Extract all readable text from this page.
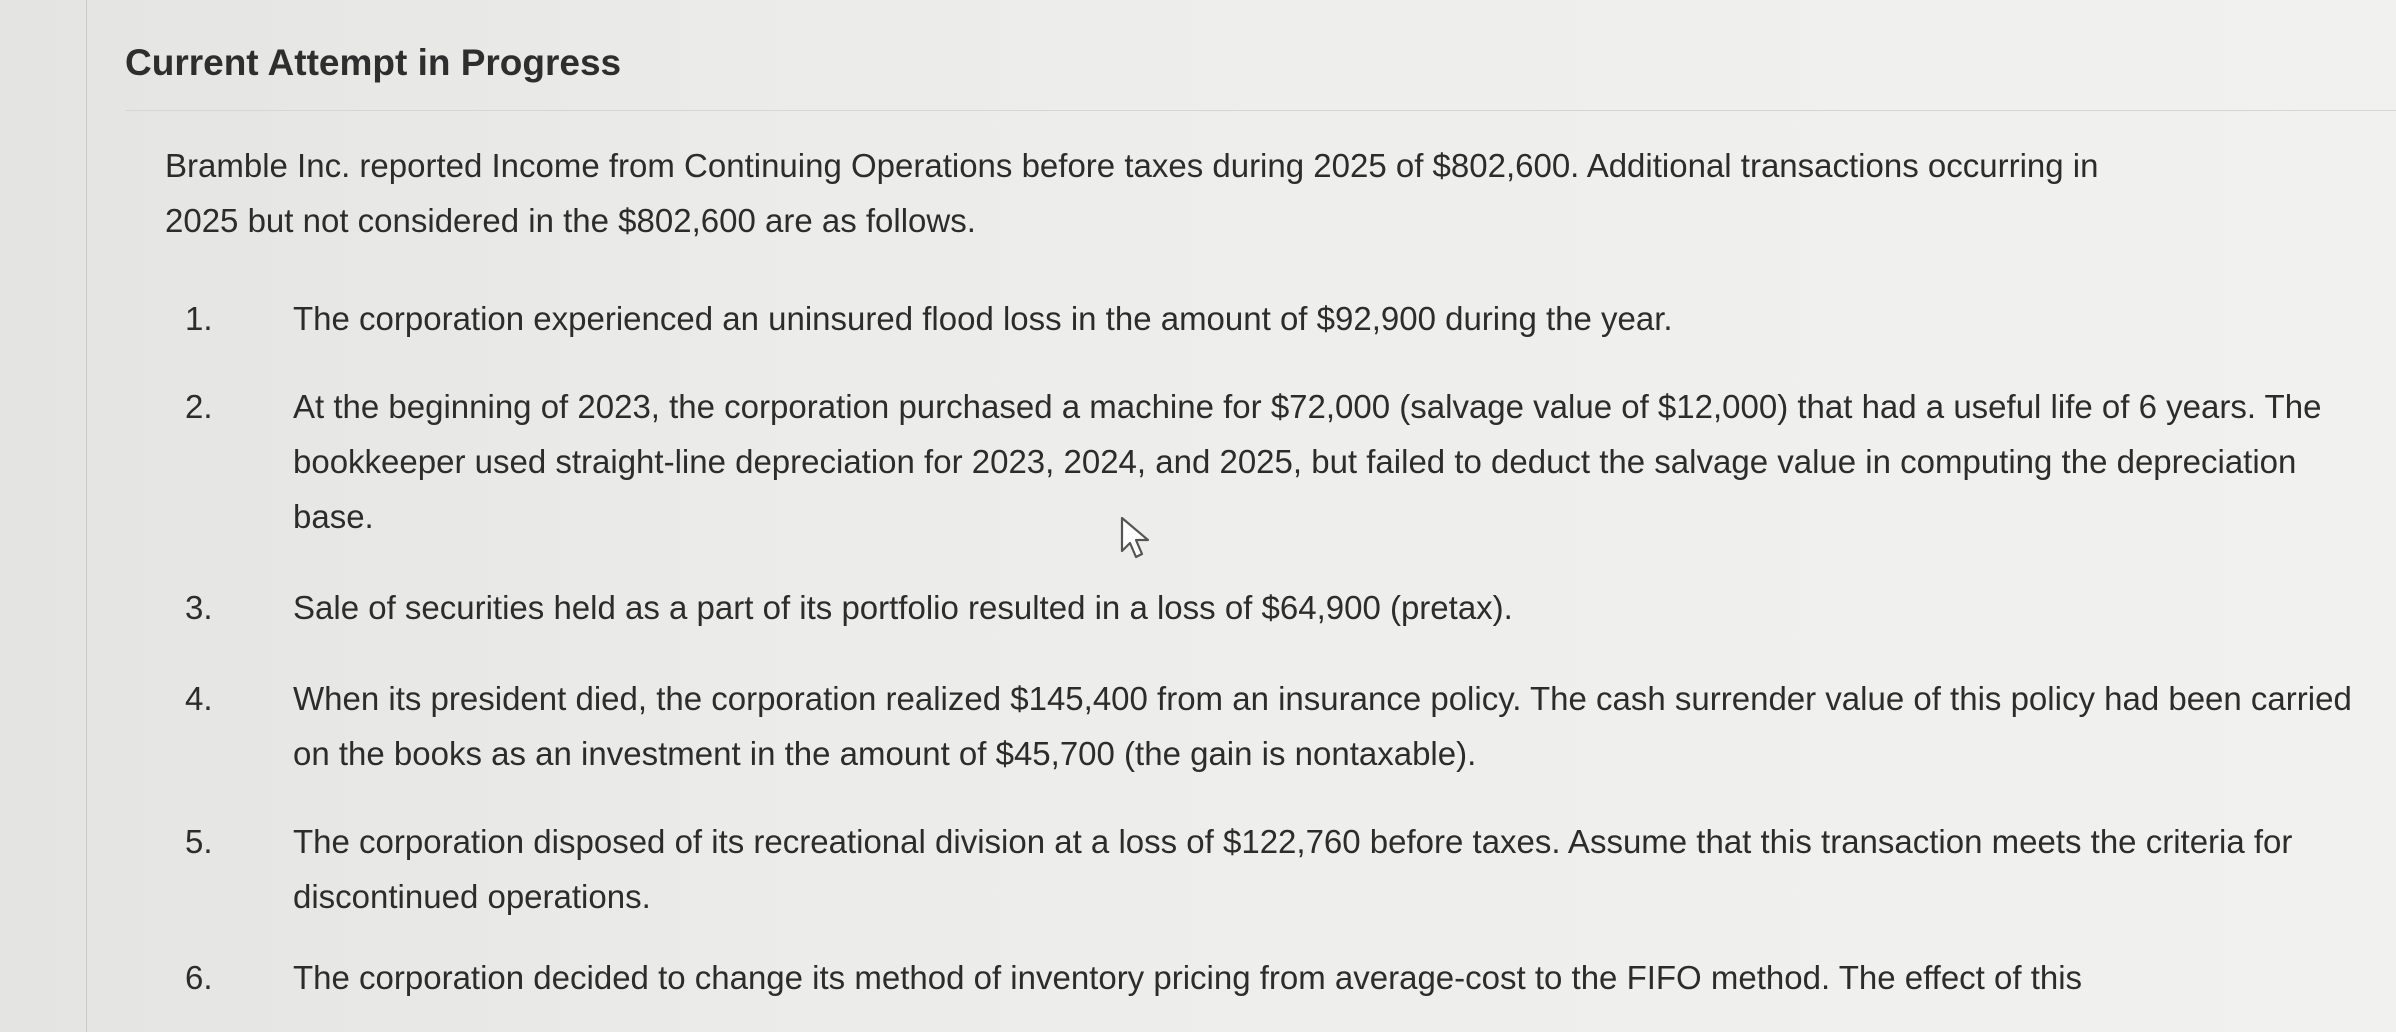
Current Attempt in Progress

Bramble Inc. reported Income from Continuing Operations before taxes during 2025 of $802,600. Additional transactions occurring in
2025 but not considered in the $802,600 are as follows.

1.	The corporation experienced an uninsured flood loss in the amount of $92,900 during the year.
2.	At the beginning of 2023, the corporation purchased a machine for $72,000 (salvage value of $12,000) that had a useful life of 6 years. The bookkeeper used straight-line depreciation for 2023, 2024, and 2025, but failed to deduct the salvage value in computing the depreciation base.
3.	Sale of securities held as a part of its portfolio resulted in a loss of $64,900 (pretax).
4.	When its president died, the corporation realized $145,400 from an insurance policy. The cash surrender value of this policy had been carried on the books as an investment in the amount of $45,700 (the gain is nontaxable).
5.	The corporation disposed of its recreational division at a loss of $122,760 before taxes. Assume that this transaction meets the criteria for discontinued operations.
6.	The corporation decided to change its method of inventory pricing from average-cost to the FIFO method. The effect of this
